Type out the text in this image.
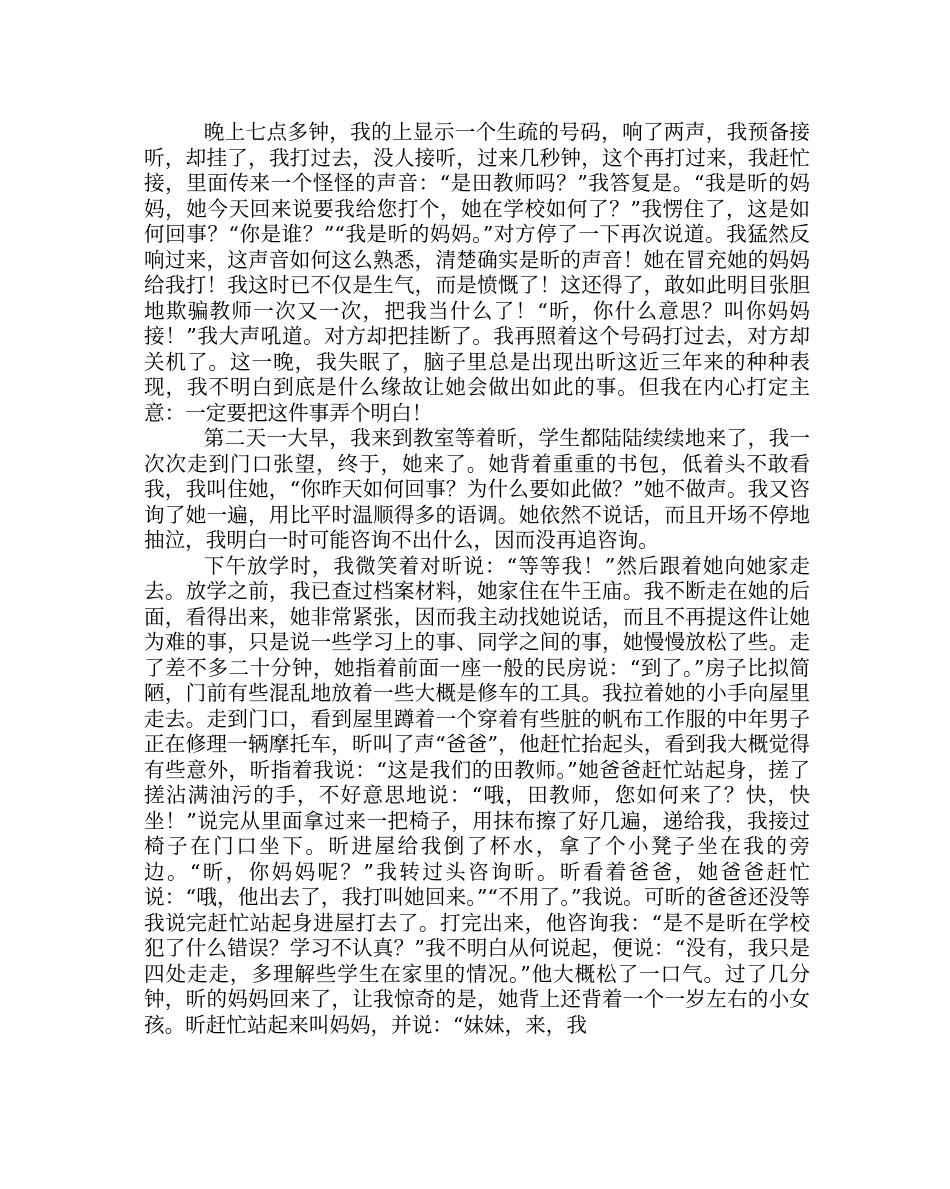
晚上七点多钟，我的上显示一个生疏的号码，响了两声，我预备接听，却挂了，我打过去，没人接听，过来几秒钟，这个再打过来，我赶忙接，里面传来一个怪怪的声音：“是田教师吗？”我答复是。“我是昕的妈妈，她今天回来说要我给您打个，她在学校如何了？”我愣住了，这是如何回事？“你是谁？”“我是昕的妈妈。”对方停了一下再次说道。我猛然反响过来，这声音如何这么熟悉，清楚确实是昕的声音！她在冒充她的妈妈给我打！我这时已不仅是生气，而是愤慨了！这还得了，敢如此明目张胆地欺骗教师一次又一次，把我当什么了！“昕，你什么意思？叫你妈妈接！”我大声吼道。对方却把挂断了。我再照着这个号码打过去，对方却关机了。这一晚，我失眠了，脑子里总是出现出昕这近三年来的种种表现，我不明白到底是什么缘故让她会做出如此的事。但我在内心打定主意：一定要把这件事弄个明白！

第二天一大早，我来到教室等着昕，学生都陆陆续续地来了，我一次次走到门口张望，终于，她来了。她背着重重的书包，低着头不敢看我，我叫住她，“你昨天如何回事？为什么要如此做？”她不做声。我又咨询了她一遍，用比平时温顺得多的语调。她依然不说话，而且开场不停地抽泣，我明白一时可能咨询不出什么，因而没再追咨询。

下午放学时，我微笑着对昕说：“等等我！”然后跟着她向她家走去。放学之前，我已查过档案材料，她家住在牛王庙。我不断走在她的后面，看得出来，她非常紧张，因而我主动找她说话，而且不再提这件让她为难的事，只是说一些学习上的事、同学之间的事，她慢慢放松了些。走了差不多二十分钟，她指着前面一座一般的民房说：“到了。”房子比拟简陋，门前有些混乱地放着一些大概是修车的工具。我拉着她的小手向屋里走去。走到门口，看到屋里蹲着一个穿着有些脏的帆布工作服的中年男子正在修理一辆摩托车，昕叫了声“爸爸”，他赶忙抬起头，看到我大概觉得有些意外，昕指着我说：“这是我们的田教师。”她爸爸赶忙站起身，搓了搓沾满油污的手，不好意思地说：“哦，田教师，您如何来了？快，快坐！”说完从里面拿过来一把椅子，用抹布擦了好几遍，递给我，我接过椅子在门口坐下。昕进屋给我倒了杯水，拿了个小凳子坐在我的旁边。“昕，你妈妈呢？”我转过头咨询昕。昕看着爸爸，她爸爸赶忙说：“哦，他出去了，我打叫她回来。”“不用了。”我说。可昕的爸爸还没等我说完赶忙站起身进屋打去了。打完出来，他咨询我：“是不是昕在学校犯了什么错误？学习不认真？”我不明白从何说起，便说：“没有，我只是四处走走，多理解些学生在家里的情况。”他大概松了一口气。过了几分钟，昕的妈妈回来了，让我惊奇的是，她背上还背着一个一岁左右的小女孩。昕赶忙站起来叫妈妈，并说：“妹妹，来，我
